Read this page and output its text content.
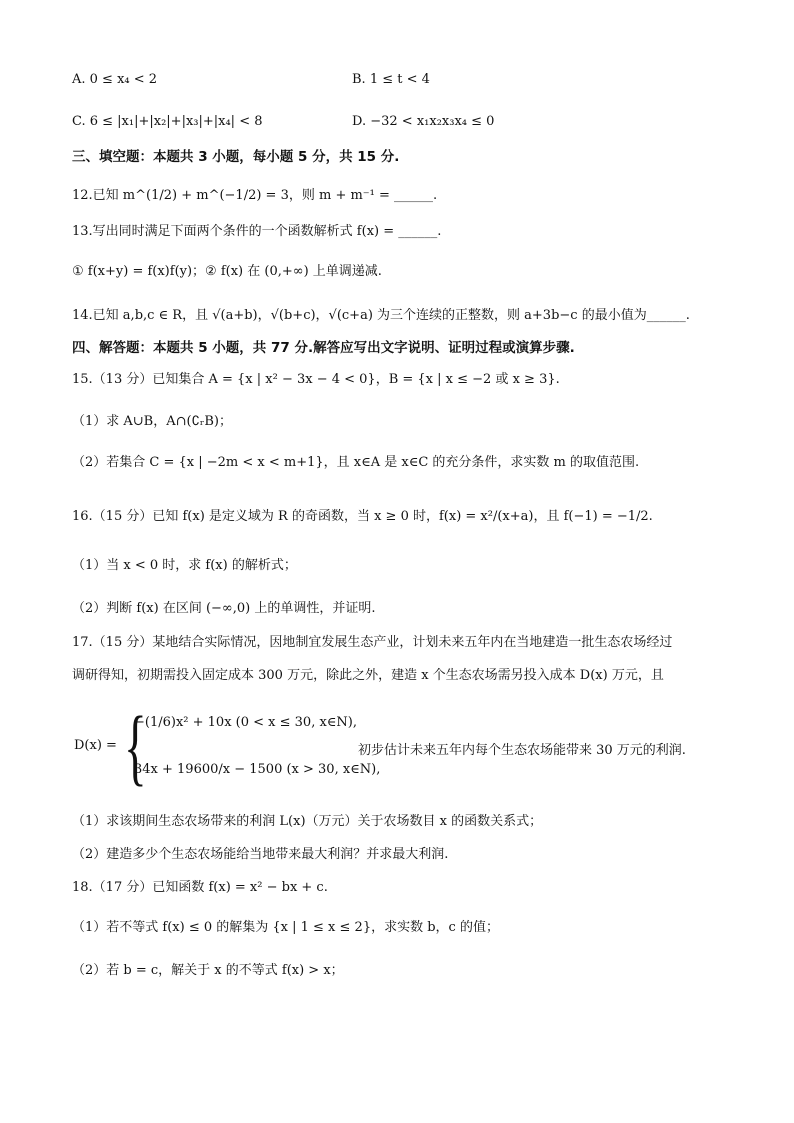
A. 0 ≤ x₄ < 2	B. 1 ≤ t < 4
C. 6 ≤ |x₁|+|x₂|+|x₃|+|x₄| < 8	D. −32 < x₁x₂x₃x₄ ≤ 0
三、填空题：本题共 3 小题，每小题 5 分，共 15 分.
12.已知 m^(1/2) + m^(−1/2) = 3，则 m + m⁻¹ = ______.
13.写出同时满足下面两个条件的一个函数解析式 f(x) = ______.
① f(x+y) = f(x)f(y)；② f(x) 在 (0,+∞) 上单调递减.
14.已知 a,b,c ∈ R，且 √(a+b)，√(b+c)，√(c+a) 为三个连续的正整数，则 a+3b−c 的最小值为______.
四、解答题：本题共 5 小题，共 77 分.解答应写出文字说明、证明过程或演算步骤.
15.（13 分）已知集合 A = {x | x² − 3x − 4 < 0}，B = {x | x ≤ −2 或 x ≥ 3}.
（1）求 A∪B，A∩(∁ᵣB)；
（2）若集合 C = {x | −2m < x < m+1}，且 x∈A 是 x∈C 的充分条件，求实数 m 的取值范围.
16.（15 分）已知 f(x) 是定义域为 R 的奇函数，当 x ≥ 0 时，f(x) = x²/(x+a)，且 f(−1) = −1/2.
（1）当 x < 0 时，求 f(x) 的解析式；
（2）判断 f(x) 在区间 (−∞,0) 上的单调性，并证明.
17.（15 分）某地结合实际情况，因地制宜发展生态产业，计划未来五年内在当地建造一批生态农场经过
调研得知，初期需投入固定成本 300 万元，除此之外，建造 x 个生态农场需另投入成本 D(x) 万元，且
D(x) = {
−(1/6)x² + 10x (0 < x ≤ 30, x∈N),
34x + 19600/x − 1500 (x > 30, x∈N),
初步估计未来五年内每个生态农场能带来 30 万元的利润.
（1）求该期间生态农场带来的利润 L(x)（万元）关于农场数目 x 的函数关系式；
（2）建造多少个生态农场能给当地带来最大利润？并求最大利润.
18.（17 分）已知函数 f(x) = x² − bx + c.
（1）若不等式 f(x) ≤ 0 的解集为 {x | 1 ≤ x ≤ 2}，求实数 b，c 的值；
（2）若 b = c，解关于 x 的不等式 f(x) > x；
